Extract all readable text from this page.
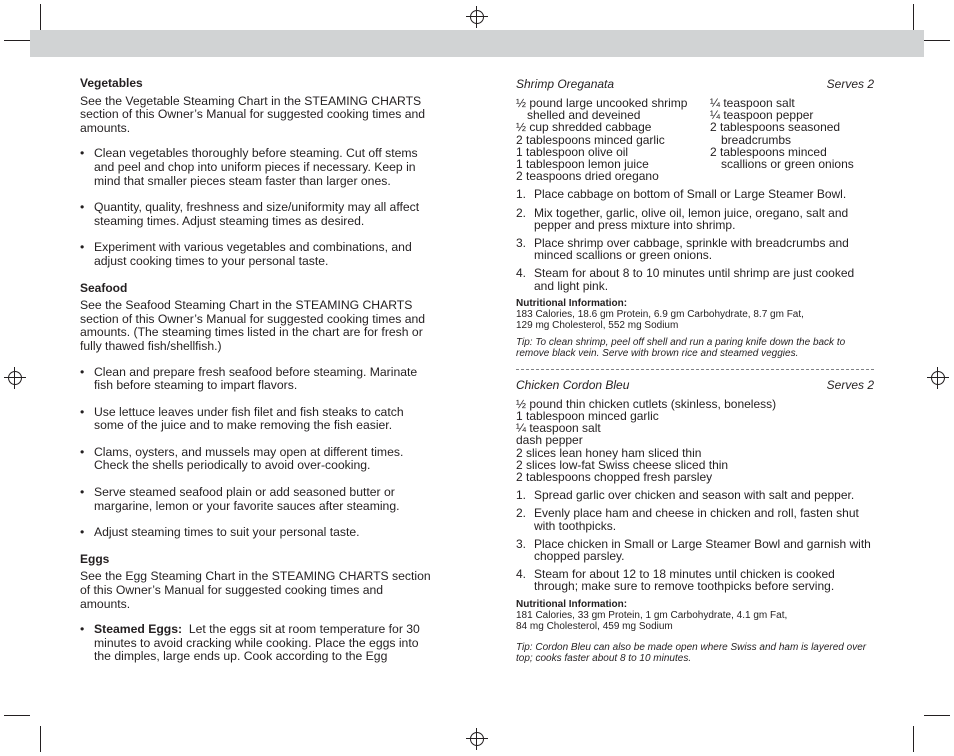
Vegetables

See the Vegetable Steaming Chart in the STEAMING CHARTS section of this Owner’s Manual for suggested cooking times and amounts.

• Clean vegetables thoroughly before steaming. Cut off stems and peel and chop into uniform pieces if necessary. Keep in mind that smaller pieces steam faster than larger ones.
• Quantity, quality, freshness and size/uniformity may all affect steaming times. Adjust steaming times as desired.
• Experiment with various vegetables and combinations, and adjust cooking times to your personal taste.
Seafood

See the Seafood Steaming Chart in the STEAMING CHARTS section of this Owner’s Manual for suggested cooking times and amounts. (The steaming times listed in the chart are for fresh or fully thawed fish/shellfish.)

• Clean and prepare fresh seafood before steaming. Marinate fish before steaming to impart flavors.
• Use lettuce leaves under fish filet and fish steaks to catch some of the juice and to make removing the fish easier.
• Clams, oysters, and mussels may open at different times. Check the shells periodically to avoid over-cooking.
• Serve steamed seafood plain or add seasoned butter or margarine, lemon or your favorite sauces after steaming.
• Adjust steaming times to suit your personal taste.
Eggs

See the Egg Steaming Chart in the STEAMING CHARTS section of this Owner’s Manual for suggested cooking times and amounts.

• Steamed Eggs: Let the eggs sit at room temperature for 30 minutes to avoid cracking while cooking. Place the eggs into the dimples, large ends up. Cook according to the Egg
Shrimp Oreganata	Serves 2
½ pound large uncooked shrimp shelled and deveined
½ cup shredded cabbage
2 tablespoons minced garlic
1 tablespoon olive oil
1 tablespoon lemon juice
2 teaspoons dried oregano
¼ teaspoon salt
¼ teaspoon pepper
2 tablespoons seasoned breadcrumbs
2 tablespoons minced scallions or green onions
1. Place cabbage on bottom of Small or Large Steamer Bowl.
2. Mix together, garlic, olive oil, lemon juice, oregano, salt and pepper and press mixture into shrimp.
3. Place shrimp over cabbage, sprinkle with breadcrumbs and minced scallions or green onions.
4. Steam for about 8 to 10 minutes until shrimp are just cooked and light pink.
Nutritional Information:
183 Calories, 18.6 gm Protein, 6.9 gm Carbohydrate, 8.7 gm Fat,
129 mg Cholesterol, 552 mg Sodium
Tip: To clean shrimp, peel off shell and run a paring knife down the back to remove black vein. Serve with brown rice and steamed veggies.
Chicken Cordon Bleu	Serves 2
½ pound thin chicken cutlets (skinless, boneless)
1 tablespoon minced garlic
¼ teaspoon salt
dash pepper
2 slices lean honey ham sliced thin
2 slices low-fat Swiss cheese sliced thin
2 tablespoons chopped fresh parsley
1. Spread garlic over chicken and season with salt and pepper.
2. Evenly place ham and cheese in chicken and roll, fasten shut with toothpicks.
3. Place chicken in Small or Large Steamer Bowl and garnish with chopped parsley.
4. Steam for about 12 to 18 minutes until chicken is cooked through; make sure to remove toothpicks before serving.
Nutritional Information:
181 Calories, 33 gm Protein, 1 gm Carbohydrate, 4.1 gm Fat,
84 mg Cholesterol, 459 mg Sodium
Tip: Cordon Bleu can also be made open where Swiss and ham is layered over top; cooks faster about 8 to 10 minutes.
